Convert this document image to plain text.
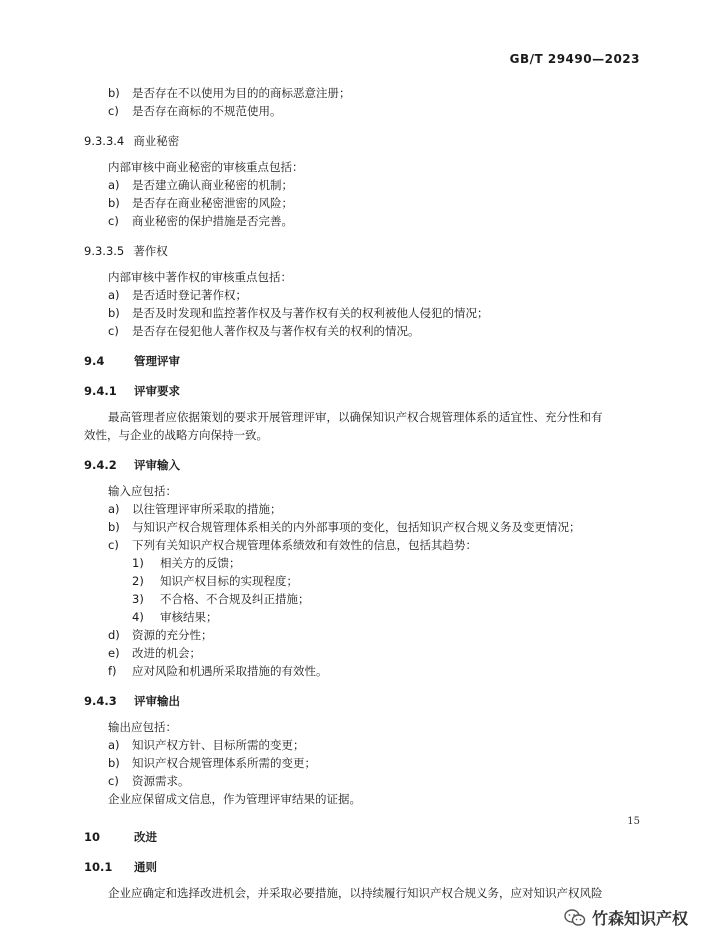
GB/T 29490—2023
b) 是否存在不以使用为目的的商标恶意注册；
c) 是否存在商标的不规范使用。
9.3.3.4 商业秘密
内部审核中商业秘密的审核重点包括：
a) 是否建立确认商业秘密的机制；
b) 是否存在商业秘密泄密的风险；
c) 商业秘密的保护措施是否完善。
9.3.3.5 著作权
内部审核中著作权的审核重点包括：
a) 是否适时登记著作权；
b) 是否及时发现和监控著作权及与著作权有关的权利被他人侵犯的情况；
c) 是否存在侵犯他人著作权及与著作权有关的权利的情况。
9.4	管理评审
9.4.1 评审要求
最高管理者应依据策划的要求开展管理评审，以确保知识产权合规管理体系的适宜性、充分性和有
效性，与企业的战略方向保持一致。
9.4.2 评审输入
输入应包括：
a) 以往管理评审所采取的措施；
b) 与知识产权合规管理体系相关的内外部事项的变化，包括知识产权合规义务及变更情况；
c) 下列有关知识产权合规管理体系绩效和有效性的信息，包括其趋势：
1) 相关方的反馈；
2) 知识产权目标的实现程度；
3) 不合格、不合规及纠正措施；
4) 审核结果；
d) 资源的充分性；
e) 改进的机会；
f) 应对风险和机遇所采取措施的有效性。
9.4.3 评审输出
输出应包括：
a) 知识产权方针、目标所需的变更；
b) 知识产权合规管理体系所需的变更；
c) 资源需求。
企业应保留成文信息，作为管理评审结果的证据。
10	改进
10.1 通则
企业应确定和选择改进机会，并采取必要措施，以持续履行知识产权合规义务，应对知识产权风险
15
竹森知识产权
